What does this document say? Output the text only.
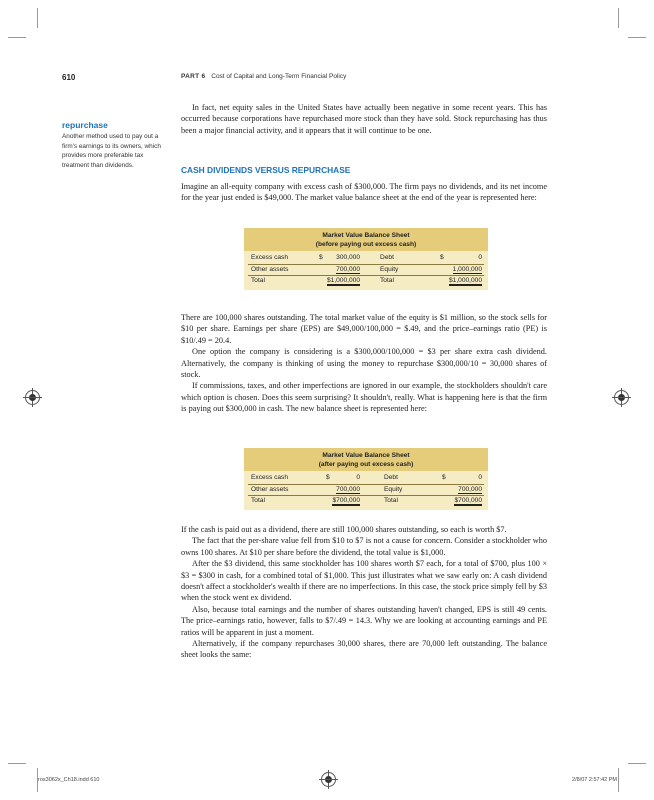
610	PART 6 Cost of Capital and Long-Term Financial Policy
repurchase
Another method used to pay out a firm's earnings to its owners, which provides more preferable tax treatment than dividends.

In fact, net equity sales in the United States have actually been negative in some recent years. This has occurred because corporations have repurchased more stock than they have sold. Stock repurchasing has thus been a major financial activity, and it appears that it will continue to be one.

CASH DIVIDENDS VERSUS REPURCHASE

Imagine an all-equity company with excess cash of $300,000. The firm pays no dividends, and its net income for the year just ended is $49,000. The market value balance sheet at the end of the year is represented here:

Market Value Balance Sheet
(before paying out excess cash)
Excess cash	$ 300,000	Debt	$	0
Other assets	700,000	Equity	1,000,000
Total	$1,000,000	Total	$1,000,000

There are 100,000 shares outstanding. The total market value of the equity is $1 million, so the stock sells for $10 per share. Earnings per share (EPS) are $49,000/100,000 = $.49, and the price–earnings ratio (PE) is $10/.49 = 20.4.

One option the company is considering is a $300,000/100,000 = $3 per share extra cash dividend. Alternatively, the company is thinking of using the money to repurchase $300,000/10 = 30,000 shares of stock.

If commissions, taxes, and other imperfections are ignored in our example, the stockholders shouldn't care which option is chosen. Does this seem surprising? It shouldn't, really. What is happening here is that the firm is paying out $300,000 in cash. The new balance sheet is represented here:

Market Value Balance Sheet
(after paying out excess cash)
Excess cash	$	0	Debt	$	0
Other assets	700,000	Equity	700,000
Total	$700,000	Total	$700,000

If the cash is paid out as a dividend, there are still 100,000 shares outstanding, so each is worth $7.

The fact that the per-share value fell from $10 to $7 is not a cause for concern. Consider a stockholder who owns 100 shares. At $10 per share before the dividend, the total value is $1,000.

After the $3 dividend, this same stockholder has 100 shares worth $7 each, for a total of $700, plus 100 × $3 = $300 in cash, for a combined total of $1,000. This just illustrates what we saw early on: A cash dividend doesn't affect a stockholder's wealth if there are no imperfections. In this case, the stock price simply fell by $3 when the stock went ex dividend.

Also, because total earnings and the number of shares outstanding haven't changed, EPS is still 49 cents. The price–earnings ratio, however, falls to $7/.49 = 14.3. Why we are looking at accounting earnings and PE ratios will be apparent in just a moment.

Alternatively, if the company repurchases 30,000 shares, there are 70,000 left outstanding. The balance sheet looks the same:

ros3062x_Ch18.indd 610	2/8/07 2:57:42 PM
